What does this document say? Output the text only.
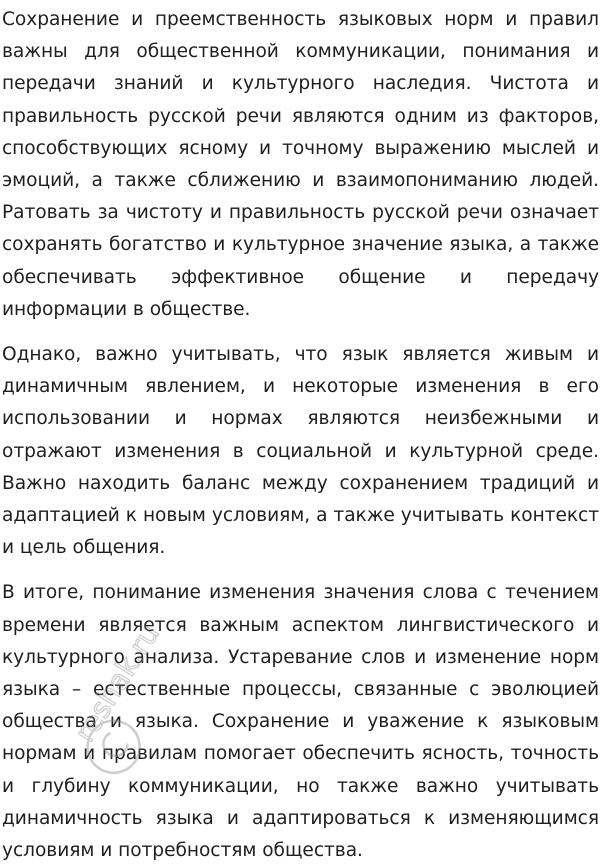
Сохранение и преемственность языковых норм и правил важны для общественной коммуникации, понимания и передачи знаний и культурного наследия. Чистота и правильность русской речи являются одним из факторов, способствующих ясному и точному выражению мыслей и эмоций, а также сближению и взаимопониманию людей. Ратовать за чистоту и правильность русской речи означает сохранять богатство и культурное значение языка, а также обеспечивать эффективное общение и передачу информации в обществе.

Однако, важно учитывать, что язык является живым и динамичным явлением, и некоторые изменения в его использовании и нормах являются неизбежными и отражают изменения в социальной и культурной среде. Важно находить баланс между сохранением традиций и адаптацией к новым условиям, а также учитывать контекст и цель общения.

В итоге, понимание изменения значения слова с течением времени является важным аспектом лингвистического и культурного анализа. Устаревание слов и изменение норм языка – естественные процессы, связанные с эволюцией общества и языка. Сохранение и уважение к языковым нормам и правилам помогает обеспечить ясность, точность и глубину коммуникации, но также важно учитывать динамичность языка и адаптироваться к изменяющимся условиям и потребностям общества.

reshak.ru
